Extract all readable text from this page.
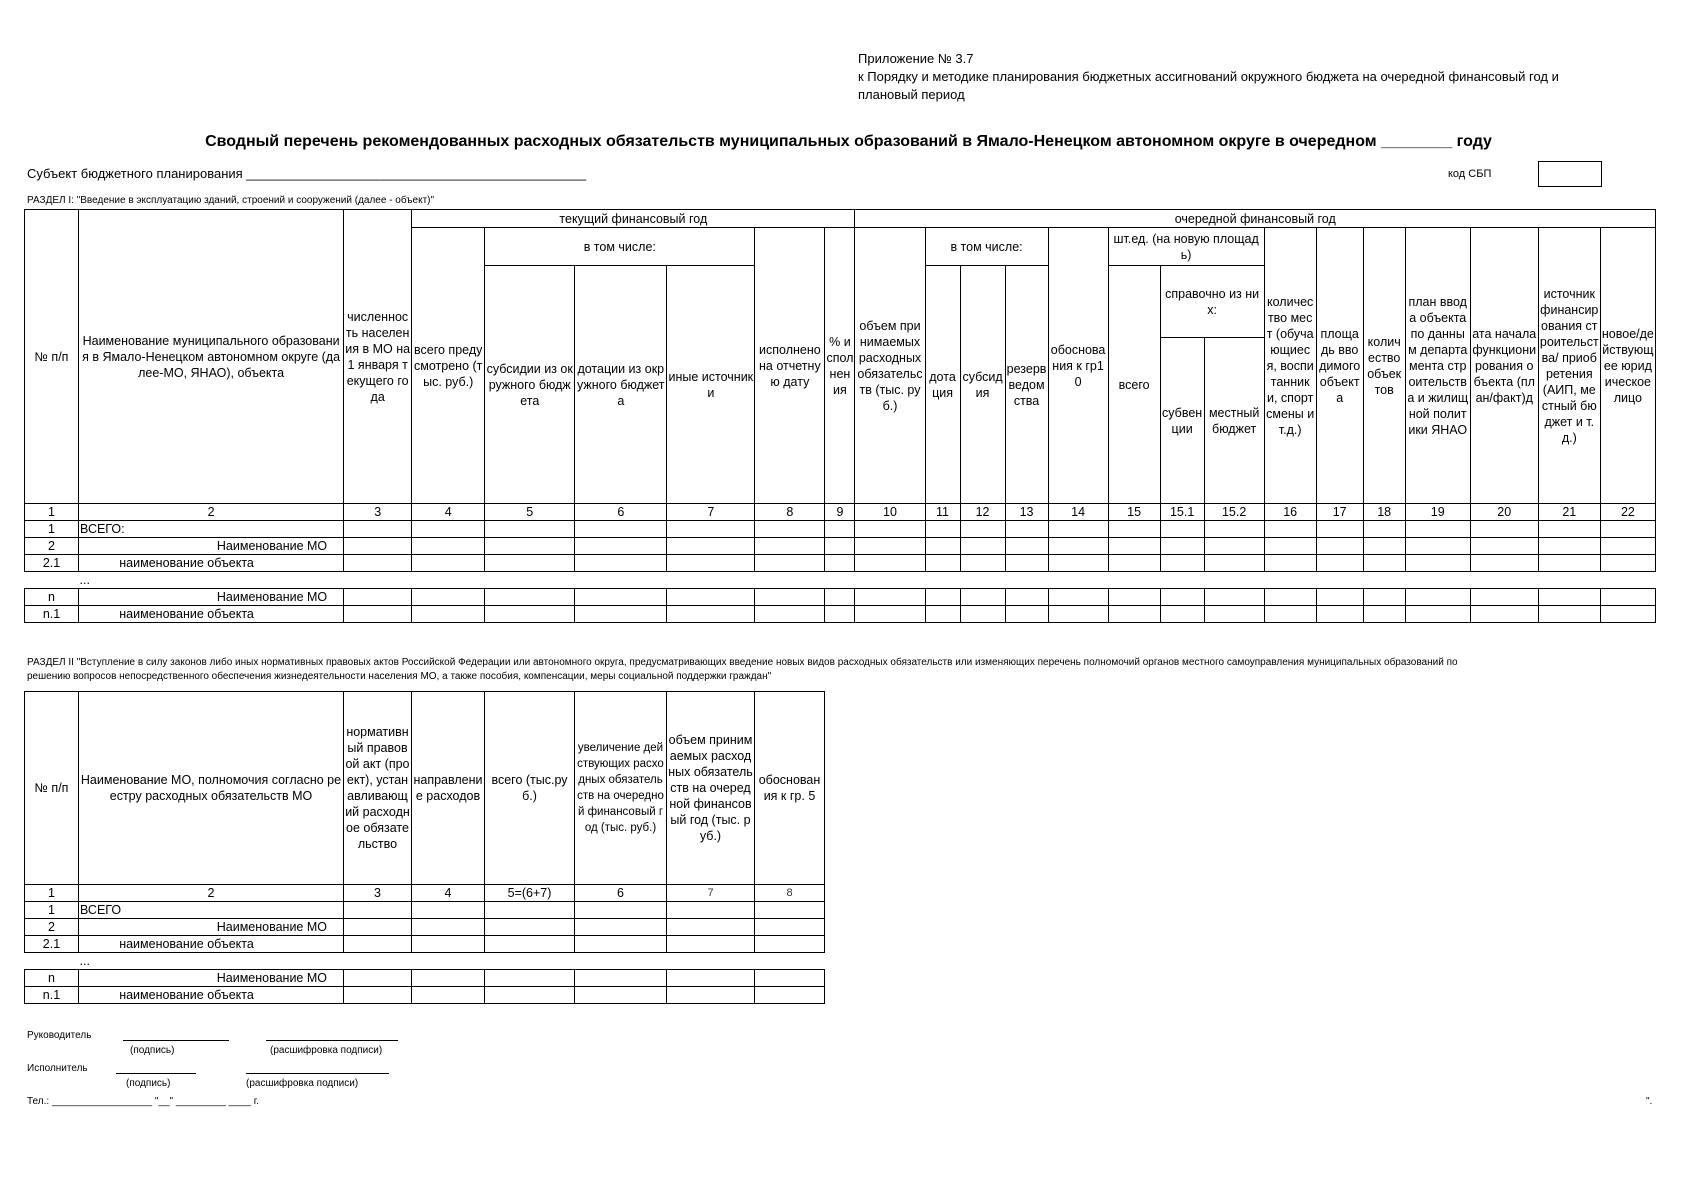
Приложение № 3.7
к Порядку и методике планирования бюджетных ассигнований окружного бюджета на очередной финансовый год и
плановый период
Сводный перечень рекомендованных расходных обязательств муниципальных образований в Ямало-Ненецком автономном округе в очередном ________ году
Субъект бюджетного планирования _______________________________________________	код СБП
РАЗДЕЛ I: "Введение в эксплуатацию зданий, строений и сооружений (далее - объект)"
№ п/п	Наименование муниципального образования в Ямало-Ненецком автономном округе (далее-МО, ЯНАО), объекта	численность населения в МО на 1 января текущего года	текущий финансовый год						очередной финансовый год														
			всего предусмотрено (тыс. руб.)	в том числе:			исполнено на отчетную дату	% исполнения	объем принимаемых расходных обязательств (тыс. руб.)	в том числе:			обоснования к гр10	шт.ед. (на новую площадь)			количество мест (обучающиеся, воспитанники, спортсмены и т.д.)	площадь вводимого объекта	количество объектов	план ввода объекта по данным департамента строительства и жилищной политики ЯНАО	ата начала функционирования объекта (план/факт)д	источник финансирования строительства/ приобретения (АИП, местный бюджет и т.д.)	новое/действующее юридическое лицо
				субсидии из окружного бюджета	дотации из окружного бюджета	иные источники				дотация	субсидия	резерв ведомства		всего	справочно из них:								
															субвенции	местный бюджет							
1	2	3	4	5	6	7	8	9	10	11	12	13	14	15	15.1	15.2	16	17	18	19	20	21	22
1	ВСЕГО:																						
2	Наименование МО																						
2.1	наименование объекта																						
	...																						
n	Наименование МО																						
n.1	наименование объекта																						
РАЗДЕЛ II "Вступление в силу законов либо иных нормативных правовых актов Российской Федерации или автономного округа, предусматривающих введение новых видов расходных обязательств или изменяющих перечень полномочий органов местного самоуправления муниципальных образований по решению вопросов непосредственного обеспечения жизнедеятельности населения МО, а также пособия, компенсации, меры социальной поддержки граждан"
№ п/п	Наименование МО, полномочия согласно реестру расходных обязательств МО	нормативный правовой акт (проект), устанавливающий расходное обязательство	направление расходов	всего (тыс.руб.)	увеличение действующих расходных обязательств на очередной финансовый год (тыс. руб.)	объем принимаемых расходных обязательств на очередной финансовый год (тыс. руб.)	обоснования к гр. 5
1	2	3	4	5=(6+7)	6	7	8
1	ВСЕГО						
2	Наименование МО						
2.1	наименование объекта						
	...						
n	Наименование МО						
n.1	наименование объекта						
Руководитель
(подпись)	(расшифровка подписи)
Исполнитель
(подпись)	(расшифровка подписи)
Тел.: __________________ "__" _________ ____ г.	".
